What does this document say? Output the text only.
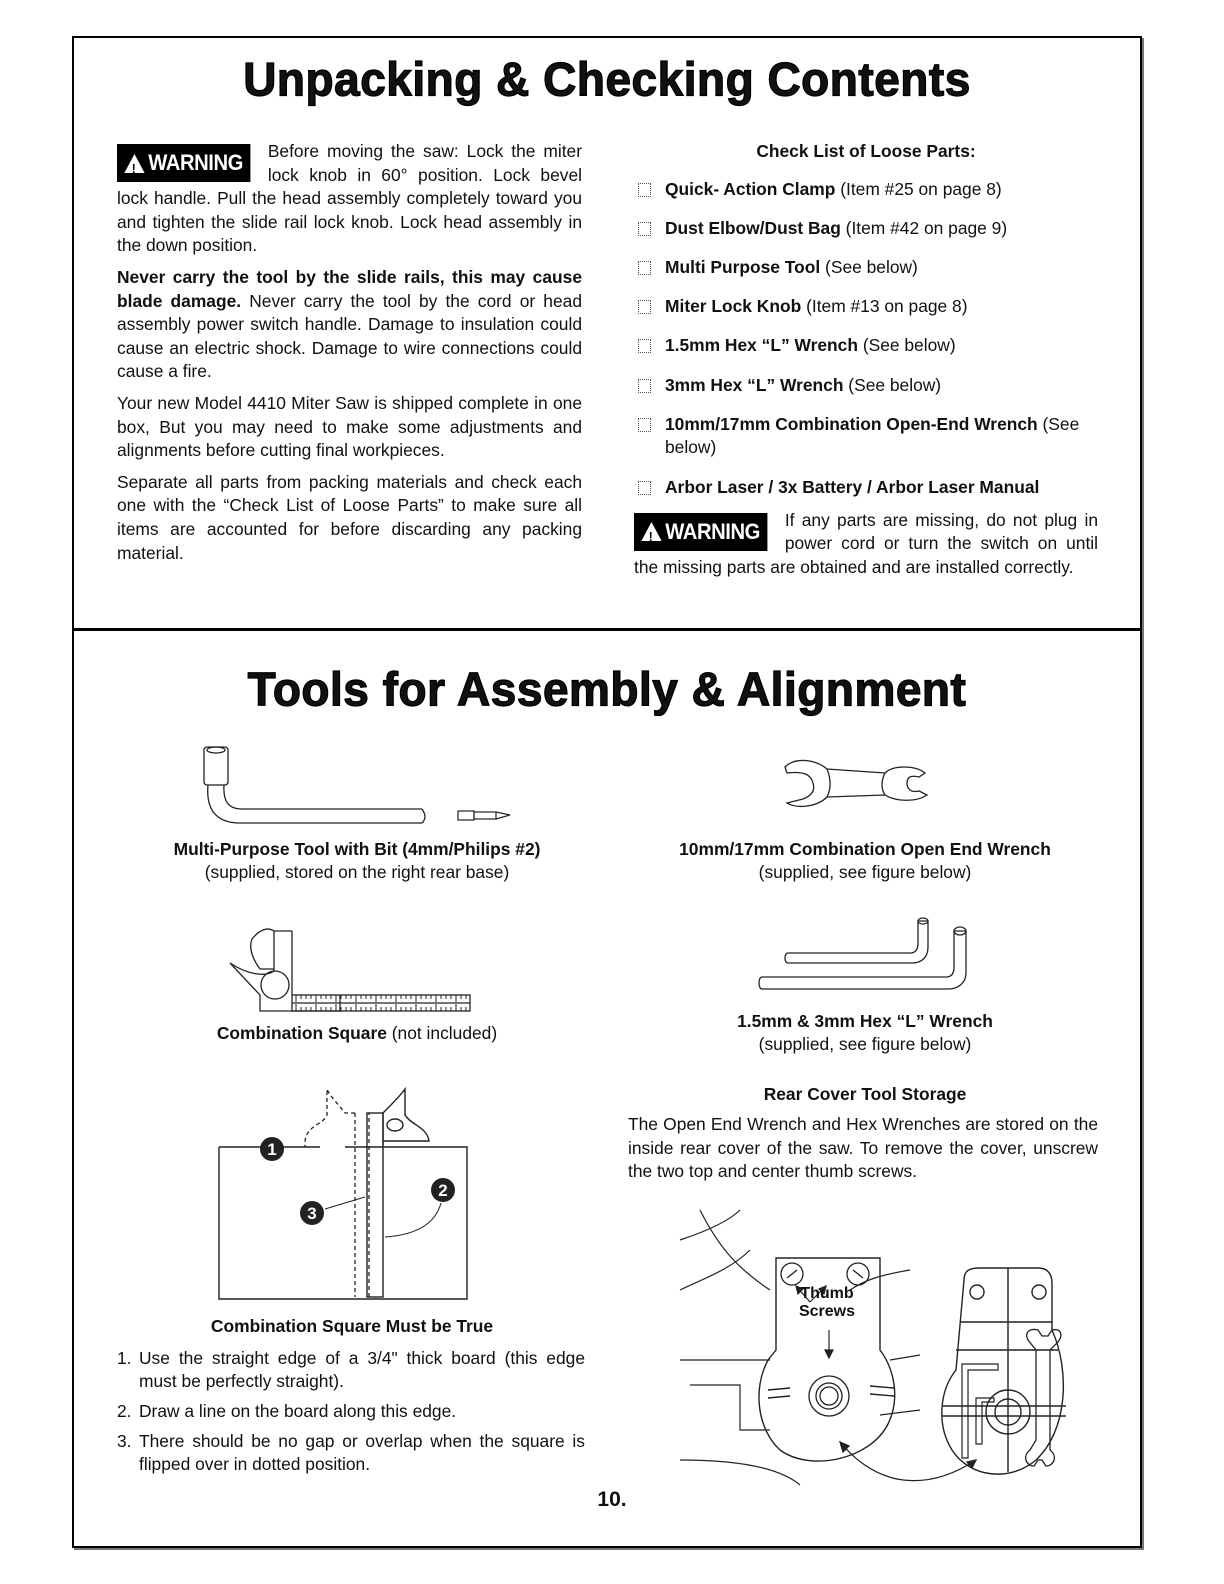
Unpacking & Checking Contents

!
WARNING Before moving the saw: Lock the miter lock knob in 60° position. Lock bevel lock handle. Pull the head assembly completely toward you and tighten the slide rail lock knob. Lock head assembly in the down position.

Never carry the tool by the slide rails, this may cause blade damage. Never carry the tool by the cord or head assembly power switch handle. Damage to insulation could cause an electric shock. Damage to wire connections could cause a fire.

Your new Model 4410 Miter Saw is shipped complete in one box, But you may need to make some adjustments and alignments before cutting final workpieces.

Separate all parts from packing materials and check each one with the “Check List of Loose Parts” to make sure all items are accounted for before discarding any packing material.

Check List of Loose Parts:
Quick- Action Clamp (Item #25 on page 8)
Dust Elbow/Dust Bag (Item #42 on page 9)
Multi Purpose Tool (See below)
Miter Lock Knob (Item #13 on page 8)
1.5mm Hex “L” Wrench (See below)
3mm Hex “L” Wrench (See below)
10mm/17mm Combination Open-End Wrench (See below)
Arbor Laser / 3x Battery / Arbor Laser Manual

!
WARNING If any parts are missing, do not plug in power cord or turn the switch on until the missing parts are obtained and are installed correctly.

Tools for Assembly & Alignment
Multi-Purpose Tool with Bit (4mm/Philips #2)
(supplied, stored on the right rear base)
10mm/17mm Combination Open End Wrench
(supplied, see figure below)
Combination Square (not included)
1.5mm & 3mm Hex “L” Wrench
(supplied, see figure below)
1
2
3
Combination Square Must be True
1. Use the straight edge of a 3/4" thick board (this edge must be perfectly straight).
2. Draw a line on the board along this edge.
3. There should be no gap or overlap when the square is flipped over in dotted position.
Rear Cover Tool Storage
The Open End Wrench and Hex Wrenches are stored on the inside rear cover of the saw. To remove the cover, unscrew the two top and center thumb screws.
Thumb
Screws
10.
